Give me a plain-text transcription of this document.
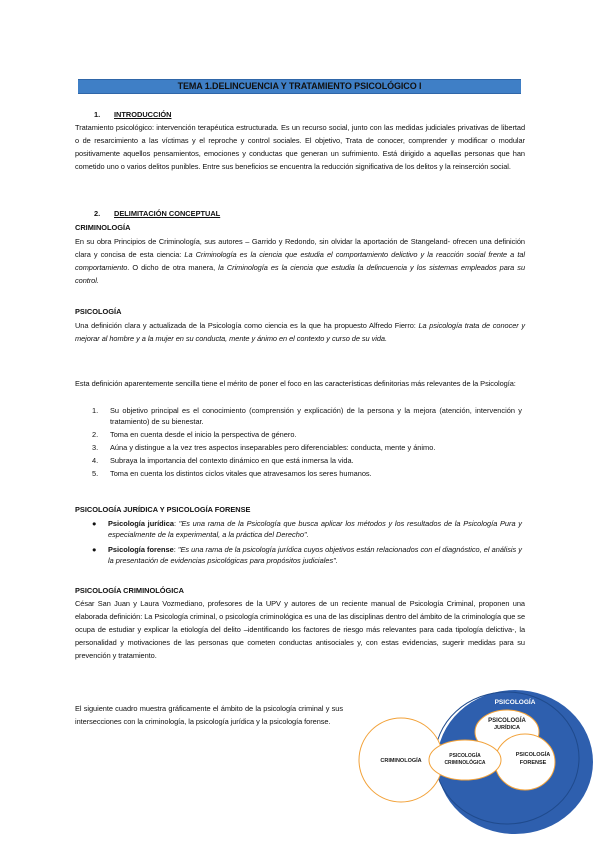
TEMA 1.DELINCUENCIA Y TRATAMIENTO PSICOLÓGICO I
1.	INTRODUCCIÓN
Tratamiento psicológico: intervención terapéutica estructurada. Es un recurso social, junto con las medidas judiciales privativas de libertad o de resarcimiento a las víctimas y el reproche y control sociales. El objetivo, Trata de conocer, comprender y modificar o modular positivamente aquellos pensamientos, emociones y conductas que generan un sufrimiento. Está dirigido a aquellas personas que han cometido uno o varios delitos punibles. Entre sus beneficios se encuentra la reducción significativa de los delitos y la reinserción social.
2.	DELIMITACIÓN CONCEPTUAL
CRIMINOLOGÍA
En su obra Principios de Criminología, sus autores – Garrido y Redondo, sin olvidar la aportación de Stangeland- ofrecen una definición clara y concisa de esta ciencia: La Criminología es la ciencia que estudia el comportamiento delictivo y la reacción social frente a tal comportamiento. O dicho de otra manera, la Criminología es la ciencia que estudia la delincuencia y los sistemas empleados para su control.
PSICOLOGÍA
Una definición clara y actualizada de la Psicología como ciencia es la que ha propuesto Alfredo Fierro: La psicología trata de conocer y mejorar al hombre y a la mujer en su conducta, mente y ánimo en el contexto y curso de su vida.
Esta definición aparentemente sencilla tiene el mérito de poner el foco en las características definitorias más relevantes de la Psicología:
1. Su objetivo principal es el conocimiento (comprensión y explicación) de la persona y la mejora (atención, intervención y tratamiento) de su bienestar.
2. Toma en cuenta desde el inicio la perspectiva de género.
3. Aúna y distingue a la vez tres aspectos inseparables pero diferenciables: conducta, mente y ánimo.
4. Subraya la importancia del contexto dinámico en que está inmersa la vida.
5. Toma en cuenta los distintos ciclos vitales que atravesamos los seres humanos.
PSICOLOGÍA JURÍDICA Y PSICOLOGÍA FORENSE
● Psicología jurídica: "Es una rama de la Psicología que busca aplicar los métodos y los resultados de la Psicología Pura y especialmente de la experimental, a la práctica del Derecho".
● Psicología forense: "Es una rama de la psicología jurídica cuyos objetivos están relacionados con el diagnóstico, el análisis y la presentación de evidencias psicológicas para propósitos judiciales".
PSICOLOGÍA CRIMINOLÓGICA
César San Juan y Laura Vozmediano, profesores de la UPV y autores de un reciente manual de Psicología Criminal, proponen una elaborada definición: La Psicología criminal, o psicología criminológica es una de las disciplinas dentro del ámbito de la criminología que se ocupa de estudiar y explicar la etiología del delito –identificando los factores de riesgo más relevantes para cada tipología delictiva-, la personalidad y motivaciones de las personas que cometen conductas antisociales y, con estas evidencias, sugerir medidas para su prevención y tratamiento.
El siguiente cuadro muestra gráficamente el ámbito de la psicología criminal y sus intersecciones con la criminología, la psicología jurídica y la psicología forense.
PSICOLOGÍA
PSICOLOGÍA
JURÍDICA
PSICOLOGÍA
FORENSE
CRIMINOLOGÍA
PSICOLOGÍA
CRIMINOLÓGICA
